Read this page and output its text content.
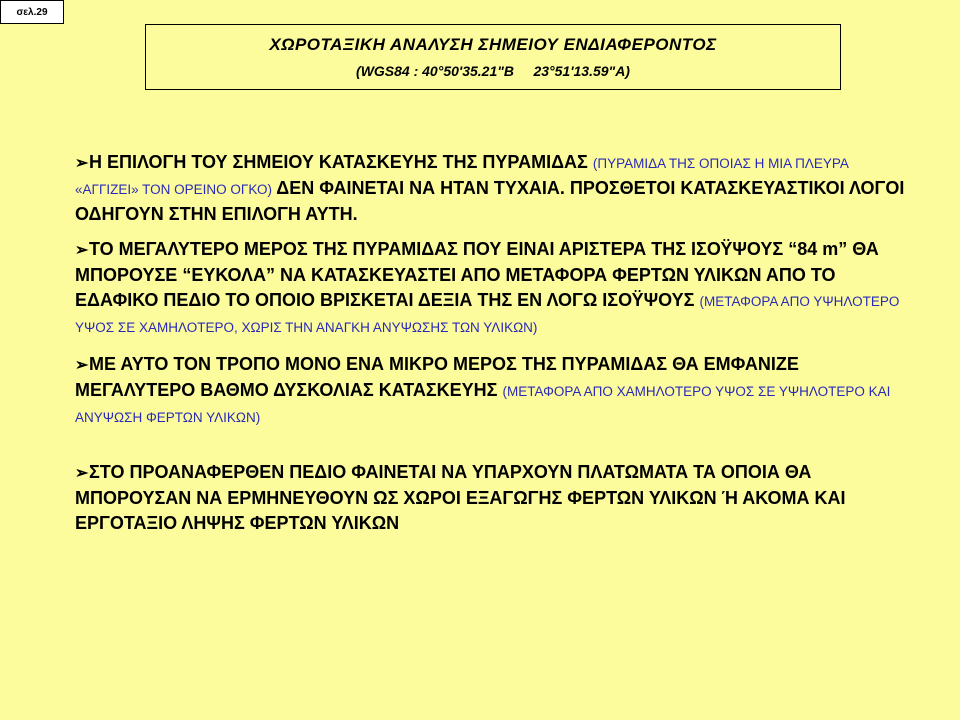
σελ.29
ΧΩΡΟΤΑΞΙΚΗ ΑΝΑΛΥΣΗ ΣΗΜΕΙΟΥ ΕΝΔΙΑΦΕΡΟΝΤΟΣ
(WGS84 : 40°50'35.21"Β     23°51'13.59"Α)
➢Η ΕΠΙΛΟΓΗ ΤΟΥ ΣΗΜΕΙΟΥ ΚΑΤΑΣΚΕΥΗΣ ΤΗΣ ΠΥΡΑΜΙΔΑΣ (ΠΥΡΑΜΙΔΑ ΤΗΣ ΟΠΟΙΑΣ Η ΜΙΑ ΠΛΕΥΡΑ «ΑΓΓΙΖΕΙ» ΤΟΝ ΟΡΕΙΝΟ ΟΓΚΟ) ΔΕΝ ΦΑΙΝΕΤΑΙ ΝΑ ΗΤΑΝ ΤΥΧΑΙΑ. ΠΡΟΣΘΕΤΟΙ ΚΑΤΑΣΚΕΥΑΣΤΙΚΟΙ ΛΟΓΟΙ ΟΔΗΓΟΥΝ ΣΤΗΝ ΕΠΙΛΟΓΗ ΑΥΤΗ.
➢ΤΟ ΜΕΓΑΛΥΤΕΡΟ ΜΕΡΟΣ ΤΗΣ ΠΥΡΑΜΙΔΑΣ ΠΟΥ ΕΙΝΑΙ ΑΡΙΣΤΕΡΑ ΤΗΣ ΙΣΟΫΨΟΥΣ “84 m” ΘΑ ΜΠΟΡΟΥΣΕ “ΕΥΚΟΛΑ” ΝΑ ΚΑΤΑΣΚΕΥΑΣΤΕΙ ΑΠΟ ΜΕΤΑΦΟΡΑ ΦΕΡΤΩΝ ΥΛΙΚΩΝ ΑΠΟ ΤΟ ΕΔΑΦΙΚΟ ΠΕΔΙΟ ΤΟ ΟΠΟΙΟ ΒΡΙΣΚΕΤΑΙ ΔΕΞΙΑ ΤΗΣ ΕΝ ΛΟΓΩ ΙΣΟΫΨΟΥΣ (ΜΕΤΑΦΟΡΑ ΑΠΟ ΥΨΗΛΟΤΕΡΟ ΥΨΟΣ ΣΕ ΧΑΜΗΛΟΤΕΡΟ, ΧΩΡΙΣ ΤΗΝ ΑΝΑΓΚΗ ΑΝΥΨΩΣΗΣ ΤΩΝ ΥΛΙΚΩΝ)
➢ΜΕ ΑΥΤΟ ΤΟΝ ΤΡΟΠΟ ΜΟΝΟ ΕΝΑ ΜΙΚΡΟ ΜΕΡΟΣ ΤΗΣ ΠΥΡΑΜΙΔΑΣ ΘΑ ΕΜΦΑΝΙΖΕ ΜΕΓΑΛΥΤΕΡΟ ΒΑΘΜΟ ΔΥΣΚΟΛΙΑΣ ΚΑΤΑΣΚΕΥΗΣ (ΜΕΤΑΦΟΡΑ ΑΠΟ ΧΑΜΗΛΟΤΕΡΟ ΥΨΟΣ ΣΕ ΥΨΗΛΟΤΕΡΟ ΚΑΙ ΑΝΥΨΩΣΗ ΦΕΡΤΩΝ ΥΛΙΚΩΝ)
➢ΣΤΟ ΠΡΟΑΝΑΦΕΡΘΕΝ ΠΕΔΙΟ ΦΑΙΝΕΤΑΙ ΝΑ ΥΠΑΡΧΟΥΝ ΠΛΑΤΩΜΑΤΑ ΤΑ ΟΠΟΙΑ ΘΑ ΜΠΟΡΟΥΣΑΝ ΝΑ ΕΡΜΗΝΕΥΘΟΥΝ ΩΣ ΧΩΡΟΙ ΕΞΑΓΩΓΗΣ ΦΕΡΤΩΝ ΥΛΙΚΩΝ Ή ΑΚΟΜΑ ΚΑΙ ΕΡΓΟΤΑΞΙΟ ΛΗΨΗΣ ΦΕΡΤΩΝ ΥΛΙΚΩΝ
